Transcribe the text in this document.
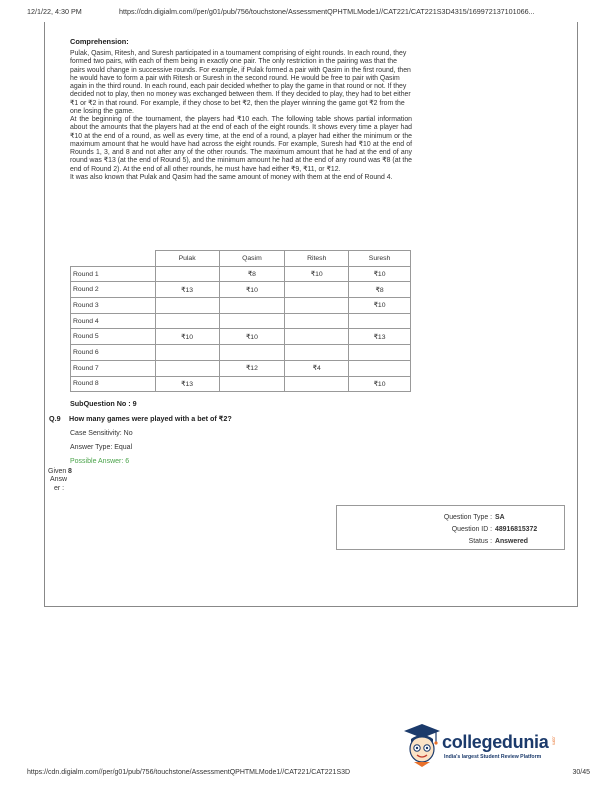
12/1/22, 4:30 PM	https://cdn.digialm.com//per/g01/pub/756/touchstone/AssessmentQPHTMLMode1//CAT221/CAT221S3D4315/169972137101066...
Comprehension:

Pulak, Qasim, Ritesh, and Suresh participated in a tournament comprising of eight rounds. In each round, they formed two pairs, with each of them being in exactly one pair. The only restriction in the pairing was that the pairs would change in successive rounds. For example, if Pulak formed a pair with Qasim in the first round, then he would have to form a pair with Ritesh or Suresh in the second round. He would be free to pair with Qasim again in the third round. In each round, each pair decided whether to play the game in that round or not. If they decided not to play, then no money was exchanged between them. If they decided to play, they had to bet either ₹1 or ₹2 in that round. For example, if they chose to bet ₹2, then the player winning the game got ₹2 from the one losing the game.

At the beginning of the tournament, the players had ₹10 each. The following table shows partial information about the amounts that the players had at the end of each of the eight rounds. It shows every time a player had ₹10 at the end of a round, as well as every time, at the end of a round, a player had either the minimum or the maximum amount that he would have had across the eight rounds. For example, Suresh had ₹10 at the end of Rounds 1, 3, and 8 and not after any of the other rounds. The maximum amount that he had at the end of any round was ₹13 (at the end of Round 5), and the minimum amount he had at the end of any round was ₹8 (at the end of Round 2). At the end of all other rounds, he must have had either ₹9, ₹11, or ₹12.

It was also known that Pulak and Qasim had the same amount of money with them at the end of Round 4.

	Pulak	Qasim	Ritesh	Suresh
Round 1		₹8	₹10	₹10
Round 2	₹13	₹10		₹8
Round 3				₹10
Round 4				
Round 5	₹10	₹10		₹13
Round 6				
Round 7		₹12	₹4	
Round 8	₹13			₹10
SubQuestion No : 9
Q.9 How many games were played with a bet of ₹2?
Case Sensitivity: No
Answer Type: Equal
Possible Answer: 6
Given 8
Answ
er :
Question Type : SA
Question ID : 48916815372
Status : Answered
collegedunia .com
India's largest Student Review Platform
https://cdn.digialm.com//per/g01/pub/756/touchstone/AssessmentQPHTMLMode1//CAT221/CAT221S3D	30/45
